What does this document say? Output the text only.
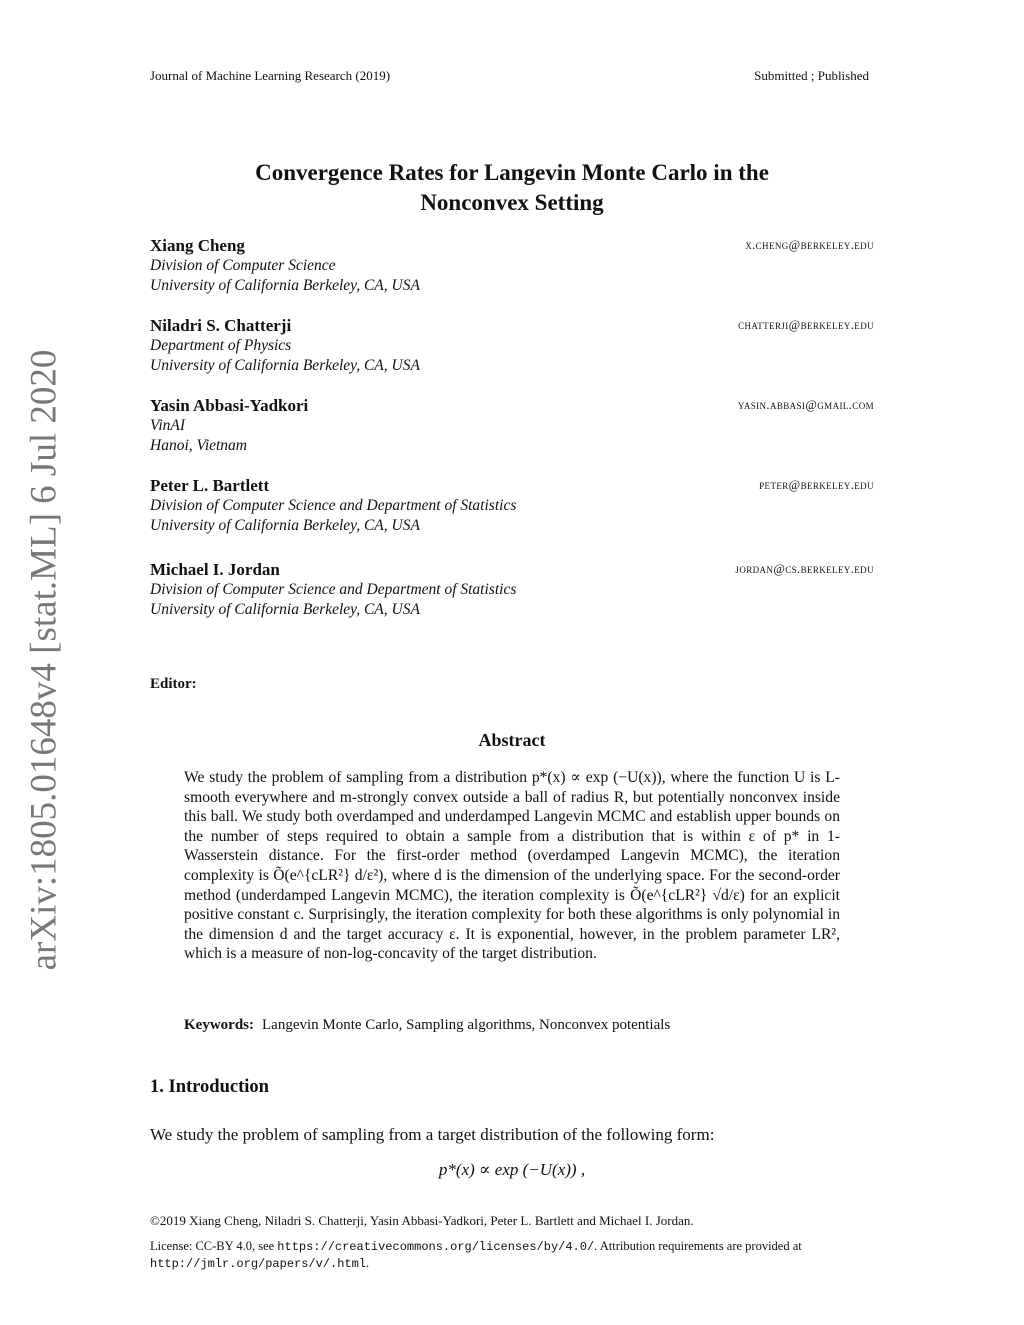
Journal of Machine Learning Research (2019)	Submitted ; Published
arXiv:1805.01648v4 [stat.ML] 6 Jul 2020
Convergence Rates for Langevin Monte Carlo in the
Nonconvex Setting
Xiang Cheng	x.cheng@berkeley.edu
Division of Computer Science
University of California Berkeley, CA, USA
Niladri S. Chatterji	chatterji@berkeley.edu
Department of Physics
University of California Berkeley, CA, USA
Yasin Abbasi-Yadkori	yasin.abbasi@gmail.com
VinAI
Hanoi, Vietnam
Peter L. Bartlett	peter@berkeley.edu
Division of Computer Science and Department of Statistics
University of California Berkeley, CA, USA
Michael I. Jordan	jordan@cs.berkeley.edu
Division of Computer Science and Department of Statistics
University of California Berkeley, CA, USA
Editor:
Abstract

We study the problem of sampling from a distribution p*(x) ∝ exp (−U(x)), where the function U is L-smooth everywhere and m-strongly convex outside a ball of radius R, but potentially nonconvex inside this ball. We study both overdamped and underdamped Langevin MCMC and establish upper bounds on the number of steps required to obtain a sample from a distribution that is within ε of p* in 1-Wasserstein distance. For the first-order method (overdamped Langevin MCMC), the iteration complexity is Õ(e^{cLR²} d/ε²), where d is the dimension of the underlying space. For the second-order method (underdamped Langevin MCMC), the iteration complexity is Õ(e^{cLR²} √d/ε) for an explicit positive constant c. Surprisingly, the iteration complexity for both these algorithms is only polynomial in the dimension d and the target accuracy ε. It is exponential, however, in the problem parameter LR², which is a measure of non-log-concavity of the target distribution.

Keywords: Langevin Monte Carlo, Sampling algorithms, Nonconvex potentials
1. Introduction
We study the problem of sampling from a target distribution of the following form:
p*(x) ∝ exp (−U(x)) ,
©2019 Xiang Cheng, Niladri S. Chatterji, Yasin Abbasi-Yadkori, Peter L. Bartlett and Michael I. Jordan.
License: CC-BY 4.0, see https://creativecommons.org/licenses/by/4.0/. Attribution requirements are provided at http://jmlr.org/papers/v/.html.
